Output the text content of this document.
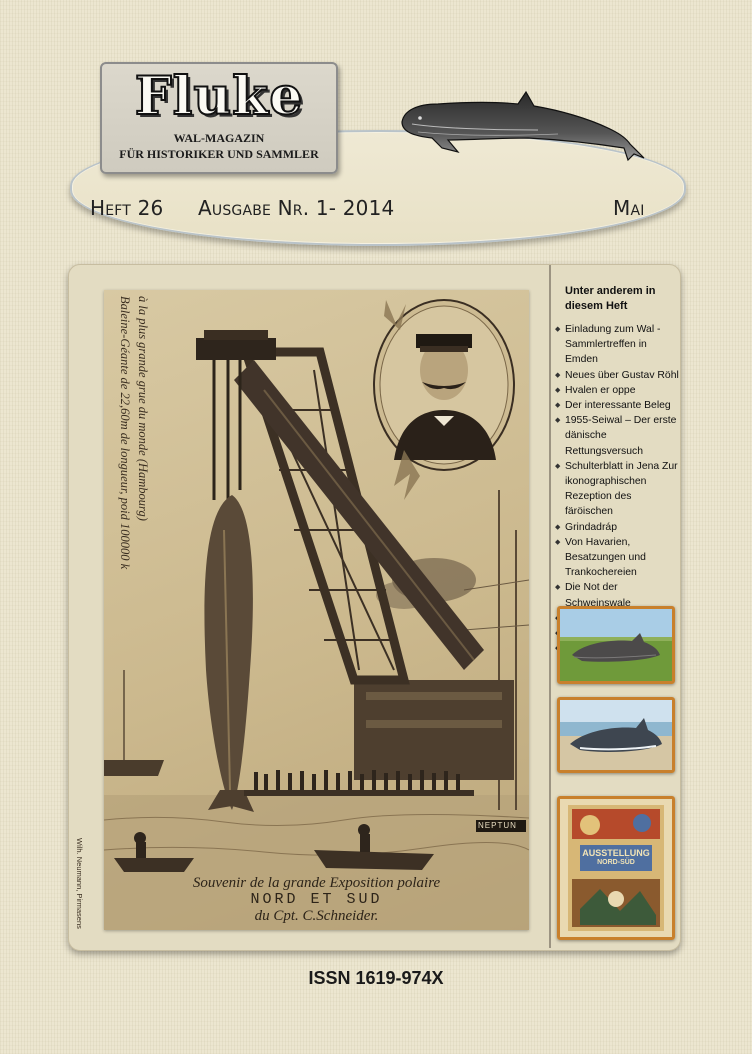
Fluke
WAL-MAGAZIN
FÜR HISTORIKER UND SAMMLER
Heft 26 Ausgabe Nr. 1- 2014	Mai
Baleine-Géante de 22,60m de longueur, poid 100000 k à la plus grande grue du monde (Hambourg)
NEPTUN
Souvenir de la grande Exposition polaire
NORD ET SUD
du Cpt. C.Schneider.
Wilh. Neumann, Pirmasens
Unter anderem in diesem Heft
◆ Einladung zum Wal -Sammlertreffen in Emden
◆ Neues über Gustav Röhl
◆ Hvalen er oppe
◆ Der interessante Beleg
◆ 1955-Seiwal – Der erste dänische Rettungsversuch
◆ Schulterblatt in Jena Zur ikonographischen Rezeption des färöischen
◆ Grindadráp
◆ Von Havarien, Besatzungen und Trankochereien
◆ Die Not der Schweinswale
◆
◆
◆
AUSSTELLUNG
NORD-SÜD
ISSN 1619-974X
